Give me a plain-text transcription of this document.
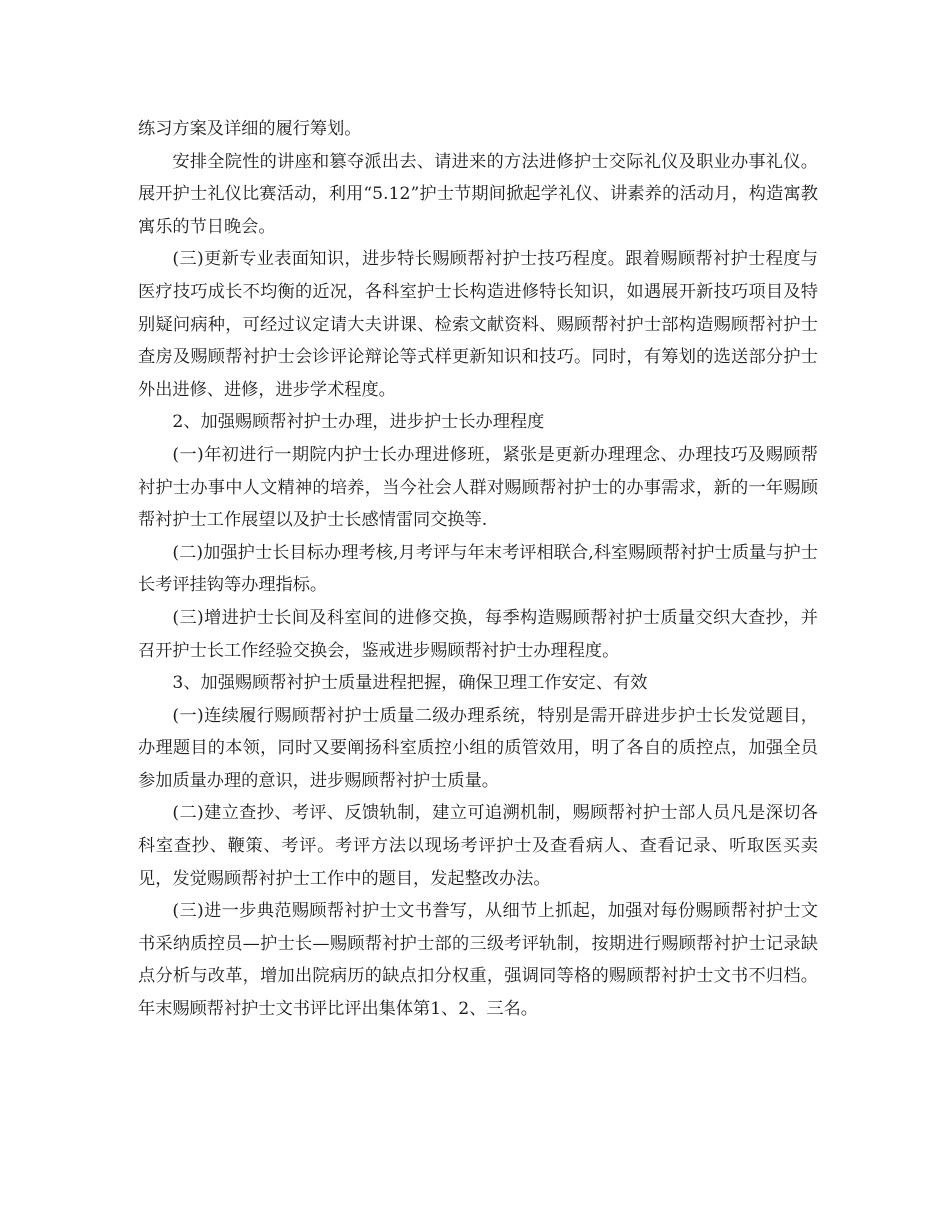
练习方案及详细的履行筹划。

安排全院性的讲座和篡夺派出去、请进来的方法进修护士交际礼仪及职业办事礼仪。展开护士礼仪比赛活动，利用“5.12”护士节期间掀起学礼仪、讲素养的活动月，构造寓教寓乐的节日晚会。

(三)更新专业表面知识，进步特长赐顾帮衬护士技巧程度。跟着赐顾帮衬护士程度与医疗技巧成长不均衡的近况，各科室护士长构造进修特长知识，如遇展开新技巧项目及特别疑问病种，可经过议定请大夫讲课、检索文献资料、赐顾帮衬护士部构造赐顾帮衬护士查房及赐顾帮衬护士会诊评论辩论等式样更新知识和技巧。同时，有筹划的选送部分护士外出进修、进修，进步学术程度。

2、加强赐顾帮衬护士办理，进步护士长办理程度

(一)年初进行一期院内护士长办理进修班，紧张是更新办理理念、办理技巧及赐顾帮衬护士办事中人文精神的培养，当今社会人群对赐顾帮衬护士的办事需求，新的一年赐顾帮衬护士工作展望以及护士长感情雷同交换等.

(二)加强护士长目标办理考核,月考评与年末考评相联合,科室赐顾帮衬护士质量与护士长考评挂钩等办理指标。

(三)增进护士长间及科室间的进修交换，每季构造赐顾帮衬护士质量交织大查抄，并召开护士长工作经验交换会，鉴戒进步赐顾帮衬护士办理程度。

3、加强赐顾帮衬护士质量进程把握，确保卫理工作安定、有效

(一)连续履行赐顾帮衬护士质量二级办理系统，特别是需开辟进步护士长发觉题目，办理题目的本领，同时又要阐扬科室质控小组的质管效用，明了各自的质控点，加强全员参加质量办理的意识，进步赐顾帮衬护士质量。

(二)建立查抄、考评、反馈轨制，建立可追溯机制，赐顾帮衬护士部人员凡是深切各科室查抄、鞭策、考评。考评方法以现场考评护士及查看病人、查看记录、听取医买卖见，发觉赐顾帮衬护士工作中的题目，发起整改办法。

(三)进一步典范赐顾帮衬护士文书誊写，从细节上抓起，加强对每份赐顾帮衬护士文书采纳质控员—护士长—赐顾帮衬护士部的三级考评轨制，按期进行赐顾帮衬护士记录缺点分析与改革，增加出院病历的缺点扣分权重，强调同等格的赐顾帮衬护士文书不归档。年末赐顾帮衬护士文书评比评出集体第1、2、三名。
